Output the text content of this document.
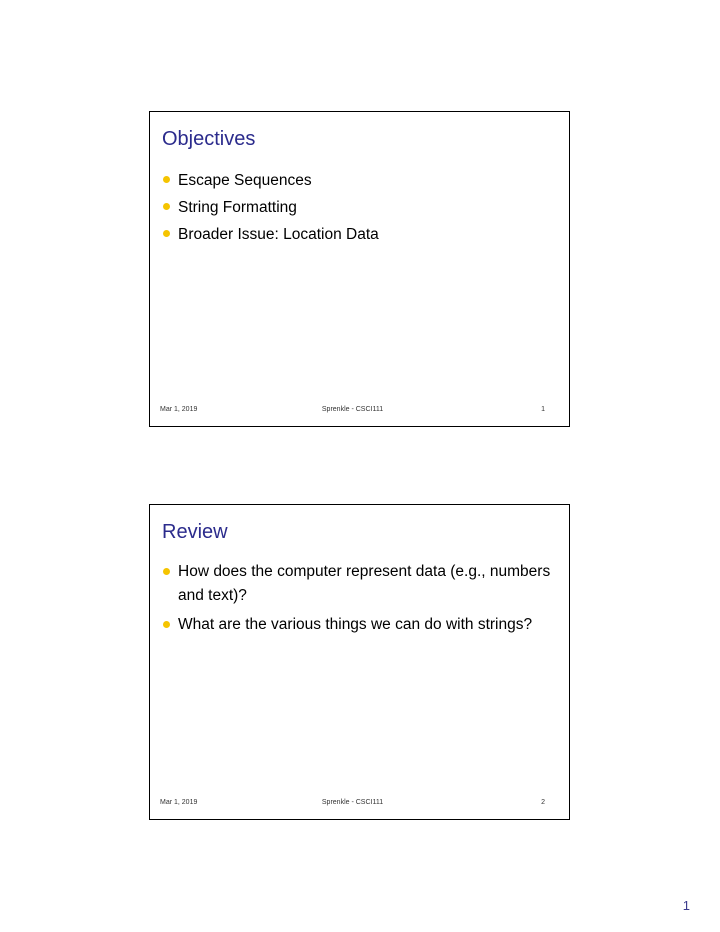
Objectives
Escape Sequences
String Formatting
Broader Issue: Location Data
Mar 1, 2019	Sprenkle - CSCI111	1
Review
How does the computer represent data (e.g., numbers and text)?
What are the various things we can do with strings?
Mar 1, 2019	Sprenkle - CSCI111	2
1
